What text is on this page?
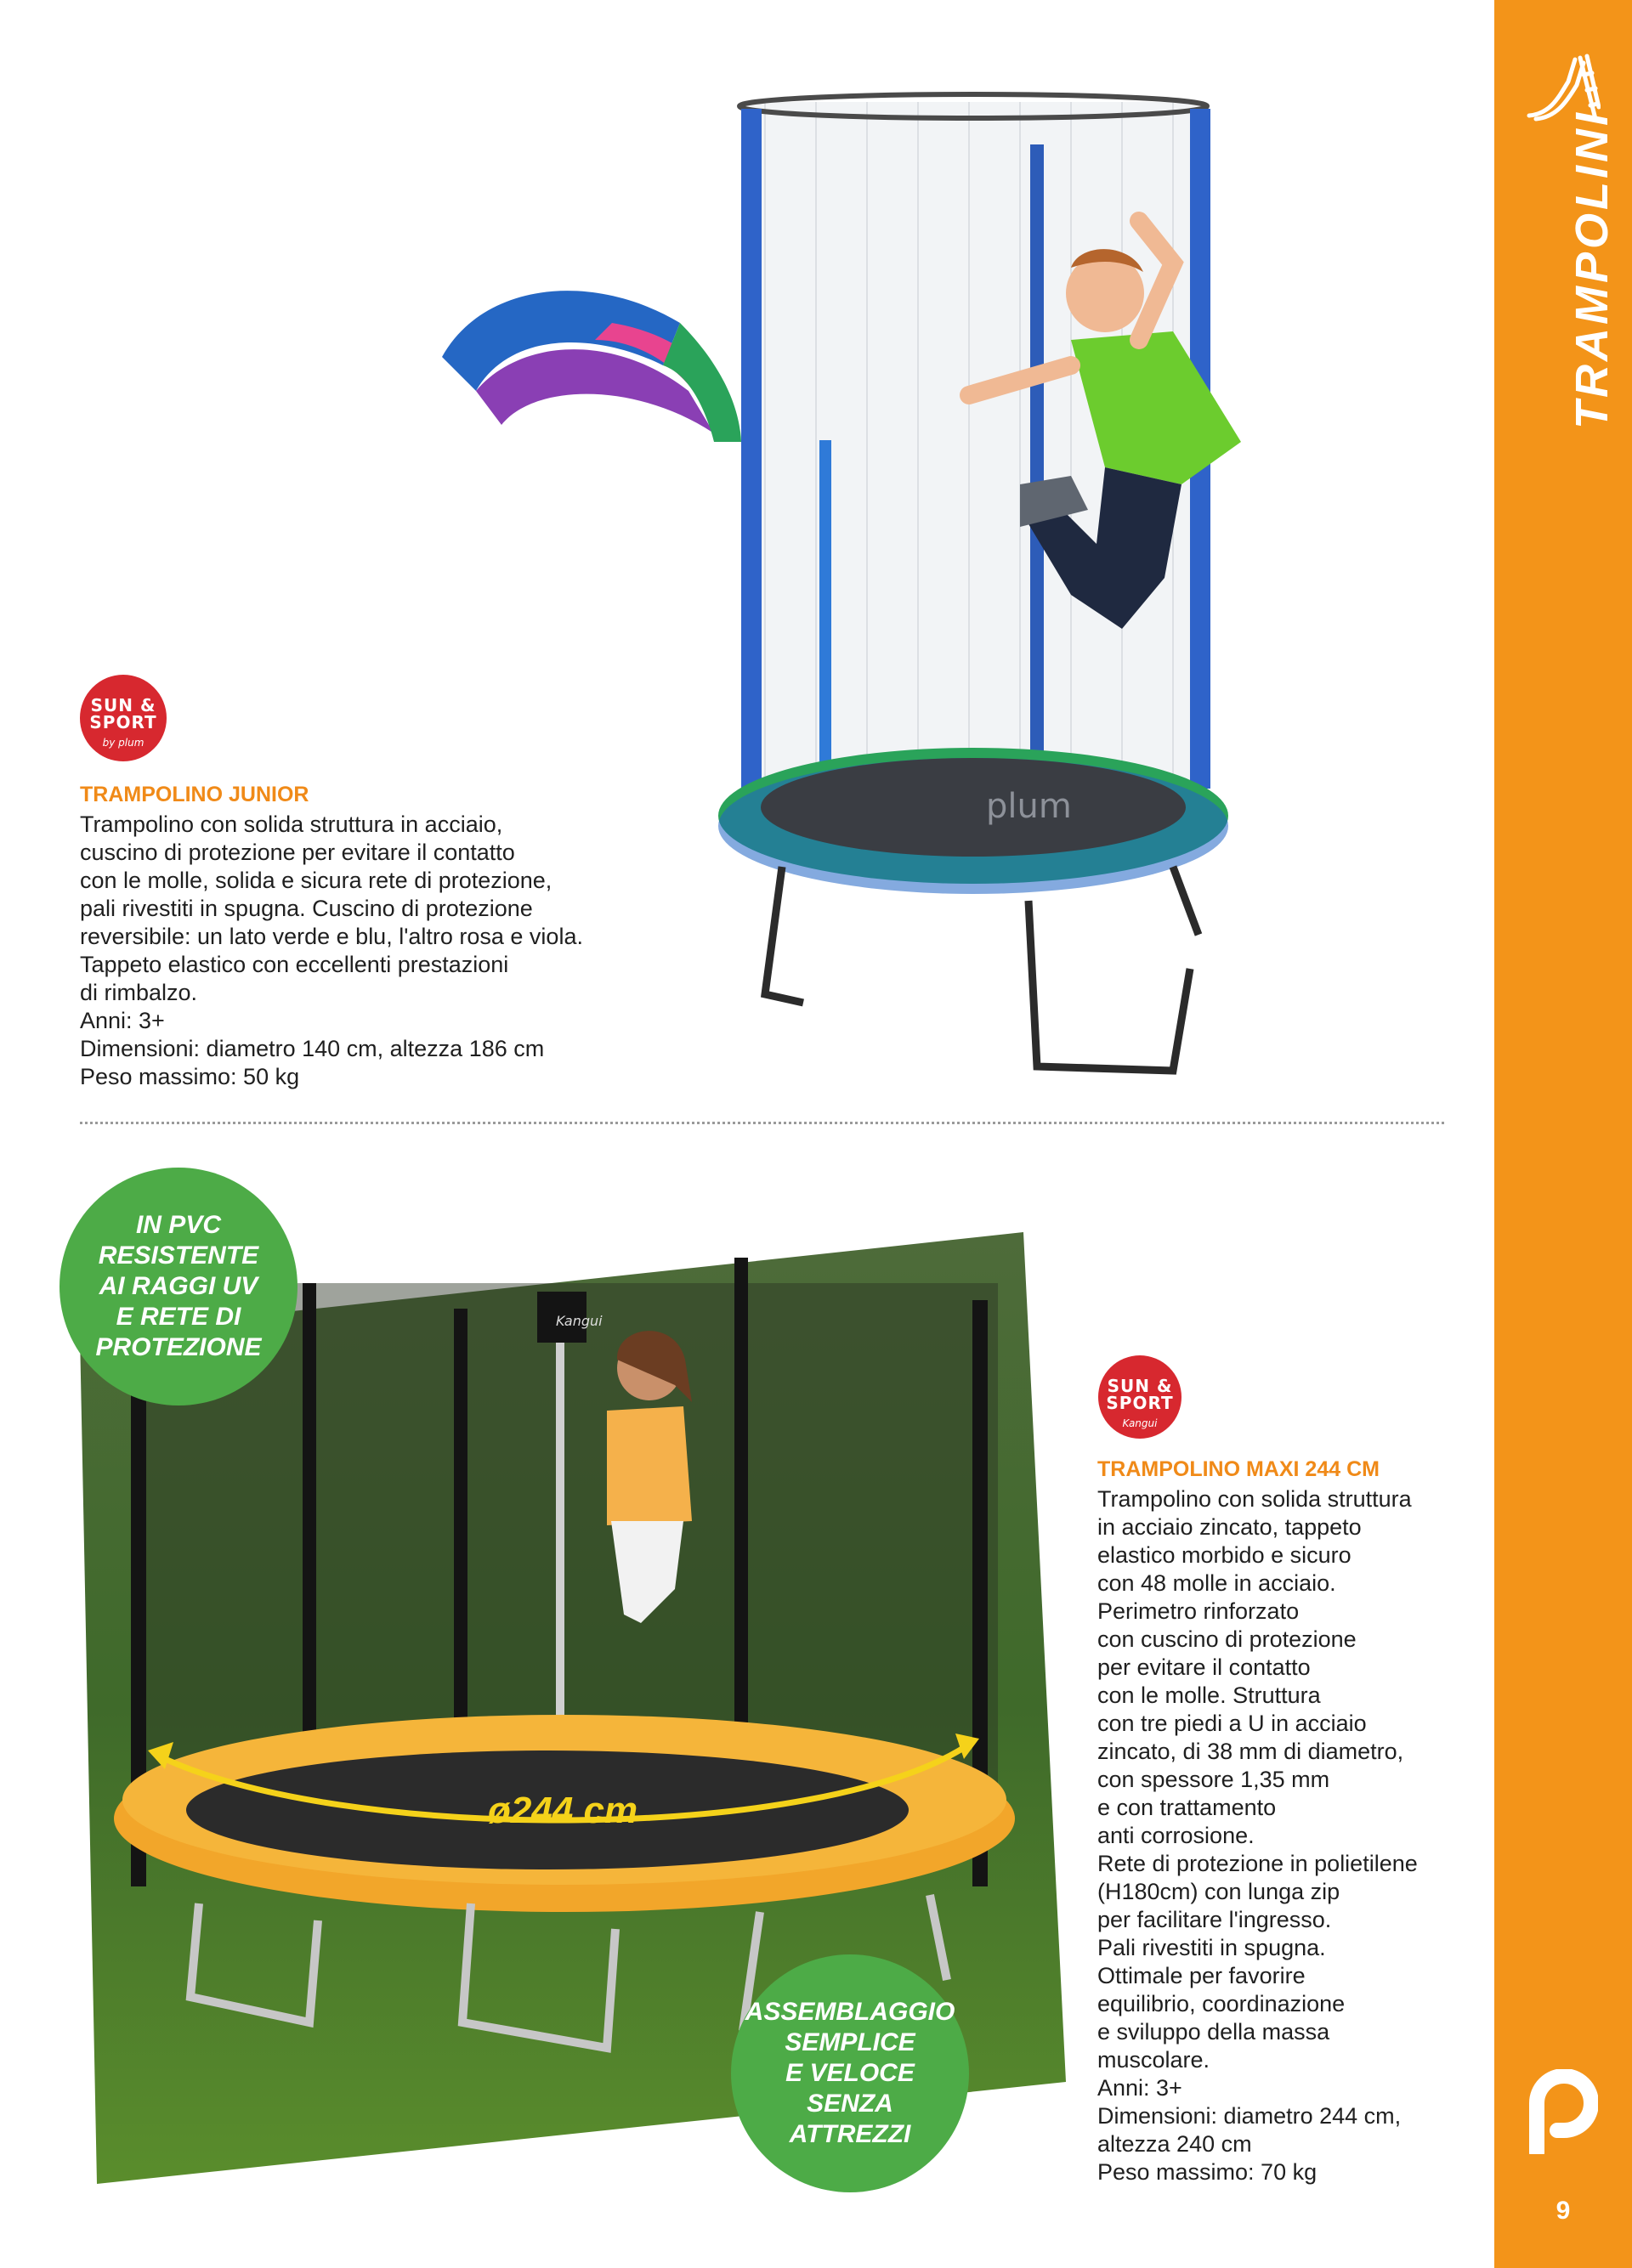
TRAMPOLINI
9
plum
SUN &
SPORT
by plum
TRAMPOLINO JUNIOR
Trampolino con solida struttura in acciaio,
cuscino di protezione per evitare il contatto
con le molle, solida e sicura rete di protezione,
pali rivestiti in spugna. Cuscino di protezione
reversibile: un lato verde e blu, l'altro rosa e viola.
Tappeto elastico con eccellenti prestazioni
di rimbalzo.
Anni: 3+
Dimensioni: diametro 140 cm, altezza 186 cm
Peso massimo: 50 kg
Kangui
ø244 cm
IN PVC
RESISTENTE
AI RAGGI UV
E RETE DI
PROTEZIONE
ASSEMBLAGGIO
SEMPLICE
E VELOCE
SENZA
ATTREZZI
SUN &
SPORT
Kangui
TRAMPOLINO MAXI 244 CM
Trampolino con solida struttura
in acciaio zincato, tappeto
elastico morbido e sicuro
con 48 molle in acciaio.
Perimetro rinforzato
con cuscino di protezione
per evitare il contatto
con le molle. Struttura
con tre piedi a U in acciaio
zincato, di 38 mm di diametro,
con spessore 1,35 mm
e con trattamento
anti corrosione.
Rete di protezione in polietilene
(H180cm) con lunga zip
per facilitare l'ingresso.
Pali rivestiti in spugna.
Ottimale per favorire
equilibrio, coordinazione
e sviluppo della massa
muscolare.
Anni: 3+
Dimensioni: diametro 244 cm,
altezza 240 cm
Peso massimo: 70 kg
